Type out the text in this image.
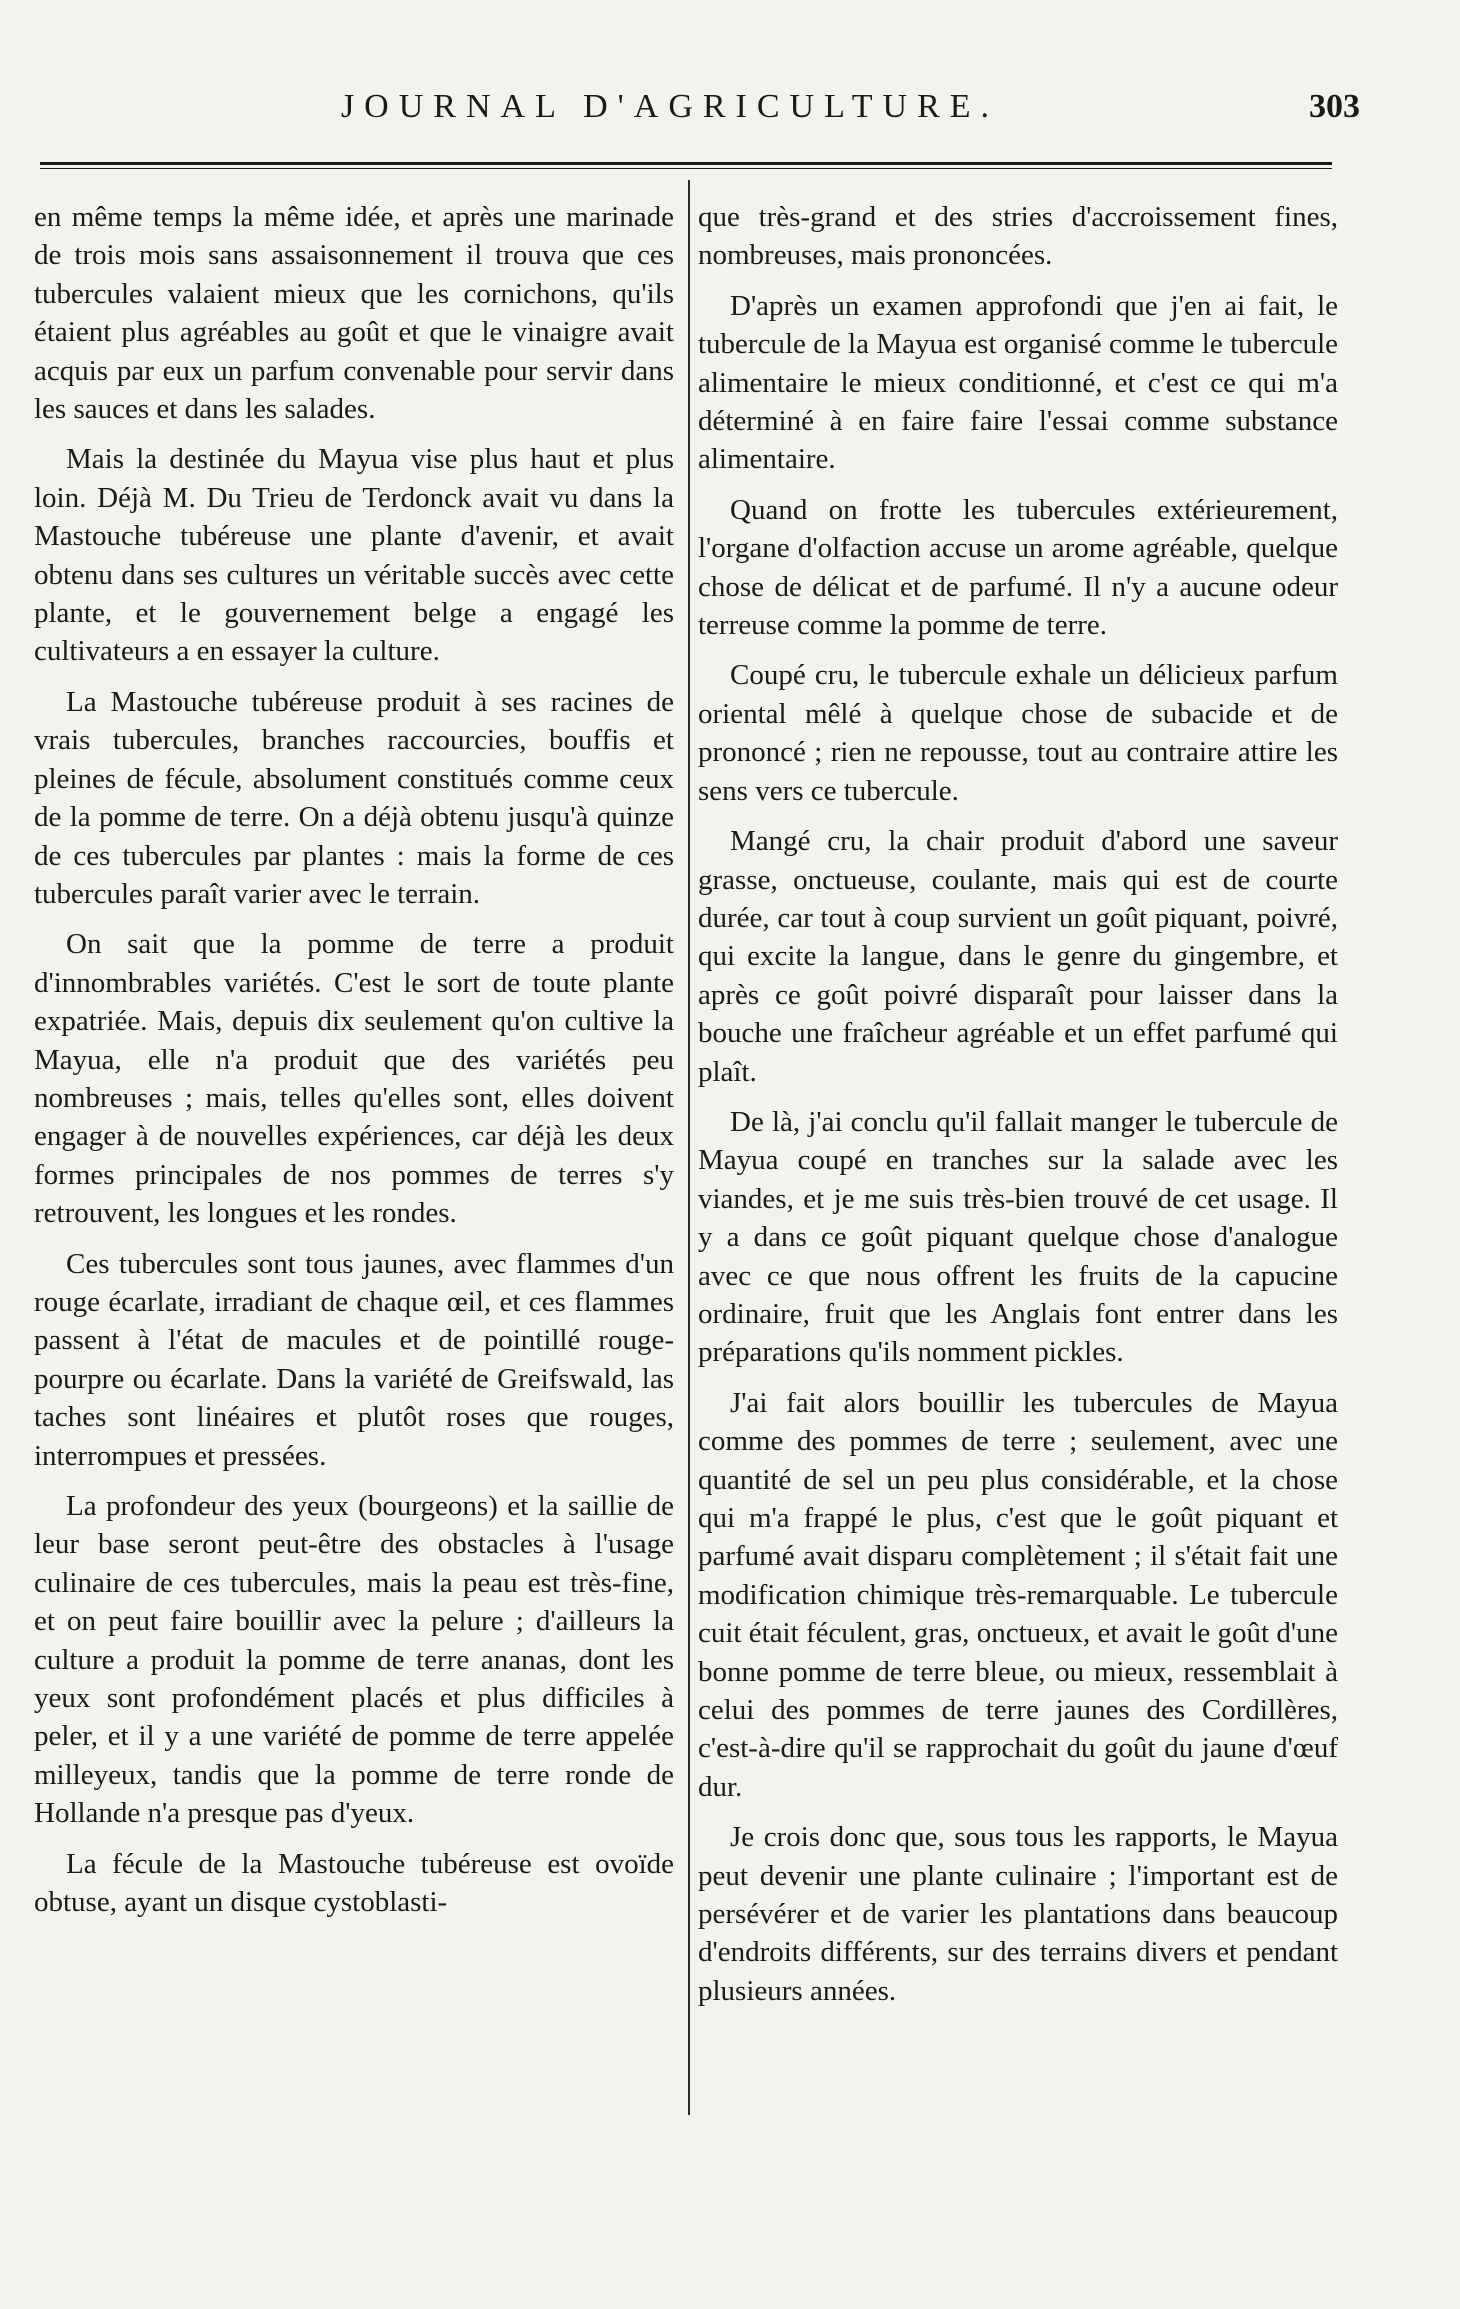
JOURNAL D'AGRICULTURE.	303

en même temps la même idée, et après une marinade de trois mois sans assaisonnement il trouva que ces tubercules valaient mieux que les cornichons, qu'ils étaient plus agréables au goût et que le vinaigre avait acquis par eux un parfum convenable pour servir dans les sauces et dans les salades.

Mais la destinée du Mayua vise plus haut et plus loin. Déjà M. Du Trieu de Terdonck avait vu dans la Mastouche tubéreuse une plante d'avenir, et avait obtenu dans ses cultures un véritable succès avec cette plante, et le gouvernement belge a engagé les cultivateurs a en essayer la culture.

La Mastouche tubéreuse produit à ses racines de vrais tubercules, branches raccourcies, bouffis et pleines de fécule, absolument constitués comme ceux de la pomme de terre. On a déjà obtenu jusqu'à quinze de ces tubercules par plantes : mais la forme de ces tubercules paraît varier avec le terrain.

On sait que la pomme de terre a produit d'innombrables variétés. C'est le sort de toute plante expatriée. Mais, depuis dix seulement qu'on cultive la Mayua, elle n'a produit que des variétés peu nombreuses ; mais, telles qu'elles sont, elles doivent engager à de nouvelles expériences, car déjà les deux formes principales de nos pommes de terres s'y retrouvent, les longues et les rondes.

Ces tubercules sont tous jaunes, avec flammes d'un rouge écarlate, irradiant de chaque œil, et ces flammes passent à l'état de macules et de pointillé rouge-pourpre ou écarlate. Dans la variété de Greifswald, las taches sont linéaires et plutôt roses que rouges, interrompues et pressées.

La profondeur des yeux (bourgeons) et la saillie de leur base seront peut-être des obstacles à l'usage culinaire de ces tubercules, mais la peau est très-fine, et on peut faire bouillir avec la pelure ; d'ailleurs la culture a produit la pomme de terre ananas, dont les yeux sont profondément placés et plus difficiles à peler, et il y a une variété de pomme de terre appelée milleyeux, tandis que la pomme de terre ronde de Hollande n'a presque pas d'yeux.

La fécule de la Mastouche tubéreuse est ovoïde obtuse, ayant un disque cystoblasti-

que très-grand et des stries d'accroissement fines, nombreuses, mais prononcées.

D'après un examen approfondi que j'en ai fait, le tubercule de la Mayua est organisé comme le tubercule alimentaire le mieux conditionné, et c'est ce qui m'a déterminé à en faire faire l'essai comme substance alimentaire.

Quand on frotte les tubercules extérieurement, l'organe d'olfaction accuse un arome agréable, quelque chose de délicat et de parfumé. Il n'y a aucune odeur terreuse comme la pomme de terre.

Coupé cru, le tubercule exhale un délicieux parfum oriental mêlé à quelque chose de subacide et de prononcé ; rien ne repousse, tout au contraire attire les sens vers ce tubercule.

Mangé cru, la chair produit d'abord une saveur grasse, onctueuse, coulante, mais qui est de courte durée, car tout à coup survient un goût piquant, poivré, qui excite la langue, dans le genre du gingembre, et après ce goût poivré disparaît pour laisser dans la bouche une fraîcheur agréable et un effet parfumé qui plaît.

De là, j'ai conclu qu'il fallait manger le tubercule de Mayua coupé en tranches sur la salade avec les viandes, et je me suis très-bien trouvé de cet usage. Il y a dans ce goût piquant quelque chose d'analogue avec ce que nous offrent les fruits de la capucine ordinaire, fruit que les Anglais font entrer dans les préparations qu'ils nomment pickles.

J'ai fait alors bouillir les tubercules de Mayua comme des pommes de terre ; seulement, avec une quantité de sel un peu plus considérable, et la chose qui m'a frappé le plus, c'est que le goût piquant et parfumé avait disparu complètement ; il s'était fait une modification chimique très-remarquable. Le tubercule cuit était féculent, gras, onctueux, et avait le goût d'une bonne pomme de terre bleue, ou mieux, ressemblait à celui des pommes de terre jaunes des Cordillères, c'est-à-dire qu'il se rapprochait du goût du jaune d'œuf dur.

Je crois donc que, sous tous les rapports, le Mayua peut devenir une plante culinaire ; l'important est de persévérer et de varier les plantations dans beaucoup d'endroits différents, sur des terrains divers et pendant plusieurs années.
